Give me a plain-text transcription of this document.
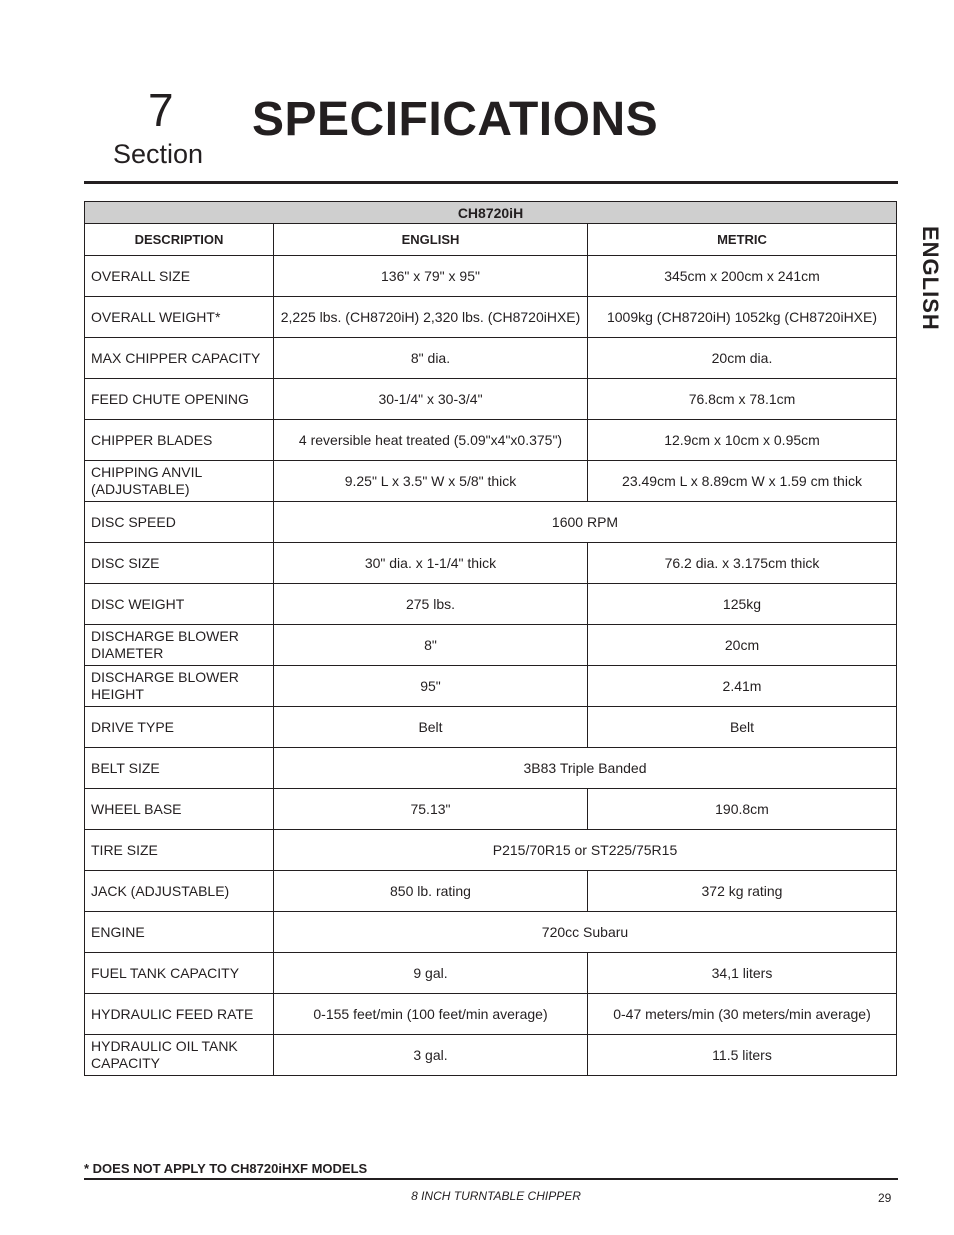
7
Section
SPECIFICATIONS
ENGLISH
CH8720iH		
DESCRIPTION	ENGLISH	METRIC
OVERALL SIZE	136" x 79" x 95"	345cm x 200cm x 241cm
OVERALL WEIGHT*	2,225 lbs. (CH8720iH) 2,320 lbs. (CH8720iHXE)	1009kg (CH8720iH) 1052kg (CH8720iHXE)
MAX CHIPPER CAPACITY	8" dia.	20cm dia.
FEED CHUTE OPENING	30-1/4" x 30-3/4"	76.8cm x 78.1cm
CHIPPER BLADES	4 reversible heat treated (5.09"x4"x0.375")	12.9cm x 10cm x 0.95cm
CHIPPING ANVIL (ADJUSTABLE)	9.25" L x 3.5" W x 5/8" thick	23.49cm L x 8.89cm W x 1.59 cm thick
DISC SPEED	1600 RPM	
DISC SIZE	30" dia. x 1-1/4" thick	76.2 dia. x 3.175cm thick
DISC WEIGHT	275 lbs.	125kg
DISCHARGE BLOWER DIAMETER	8"	20cm
DISCHARGE BLOWER HEIGHT	95"	2.41m
DRIVE TYPE	Belt	Belt
BELT SIZE	3B83 Triple Banded	
WHEEL BASE	75.13"	190.8cm
TIRE SIZE	P215/70R15 or ST225/75R15	
JACK (ADJUSTABLE)	850 lb. rating	372 kg rating
ENGINE	720cc Subaru	
FUEL TANK CAPACITY	9 gal.	34,1 liters
HYDRAULIC FEED RATE	0-155 feet/min (100 feet/min average)	0-47 meters/min (30 meters/min average)
HYDRAULIC OIL TANK CAPACITY	3 gal.	11.5 liters
* DOES NOT APPLY TO CH8720iHXF MODELS
8 INCH TURNTABLE CHIPPER	29
